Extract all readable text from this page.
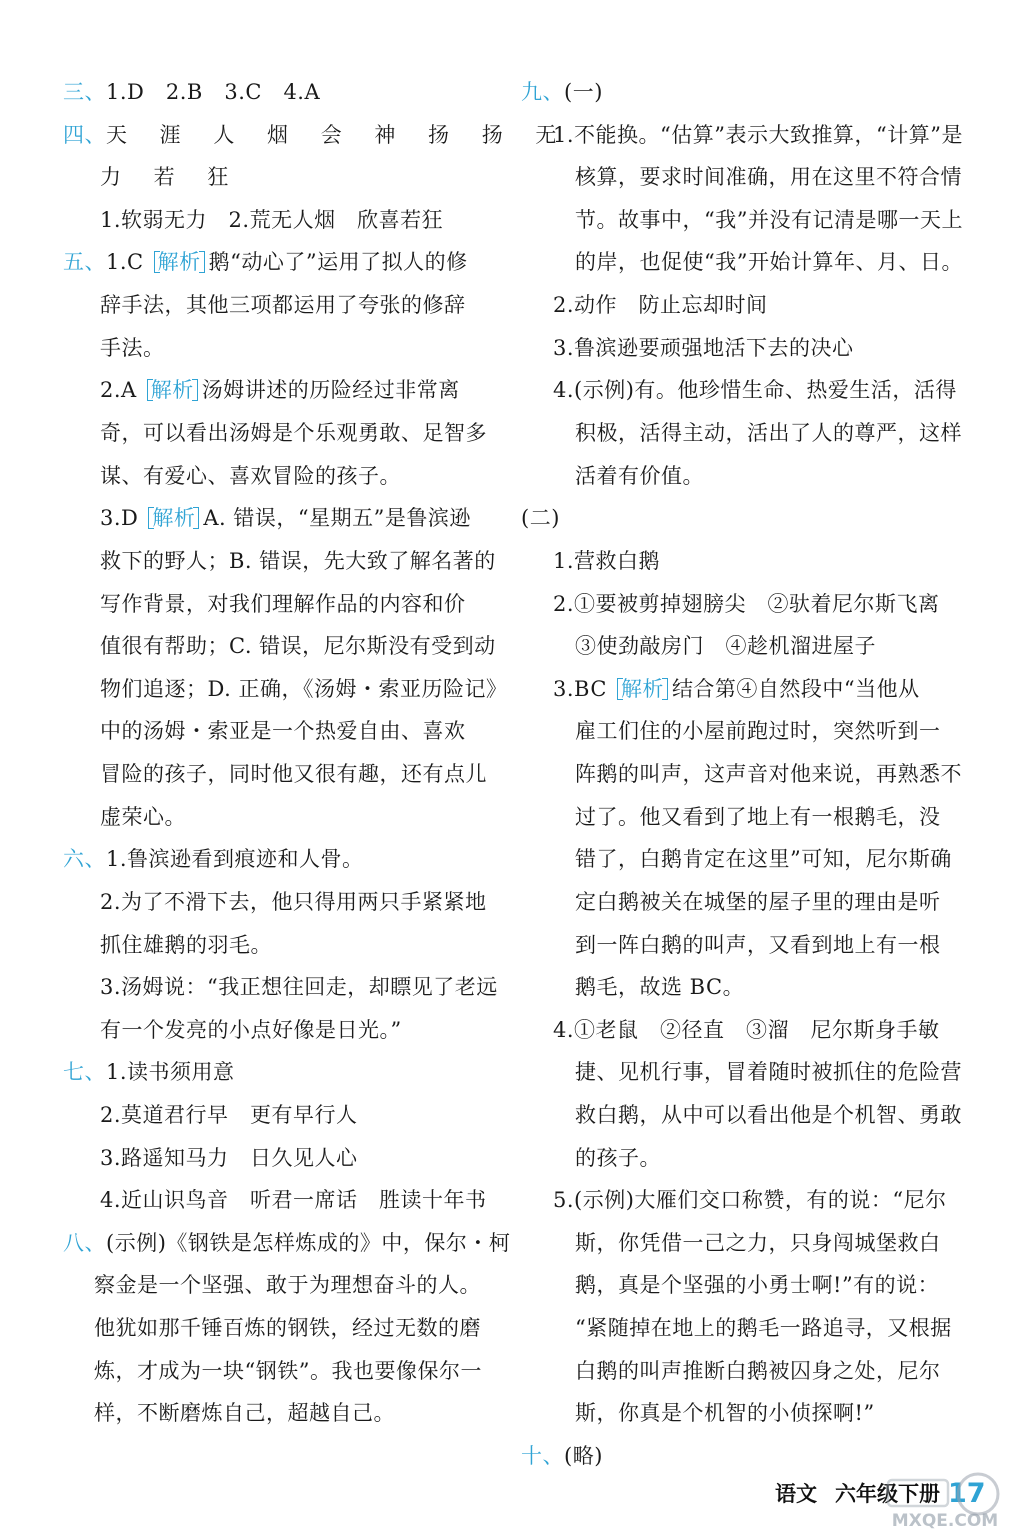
三、1.D　2.B　3.C　4.A
四、天 涯 人 烟 会 神 扬 扬 无
力 若 狂
1.软弱无力　2.荒无人烟　欣喜若狂
五、1.C 解析 鹅“动心了”运用了拟人的修
辞手法，其他三项都运用了夸张的修辞
手法。
2.A 解析 汤姆讲述的历险经过非常离
奇，可以看出汤姆是个乐观勇敢、足智多
谋、有爱心、喜欢冒险的孩子。
3.D 解析 A. 错误，“星期五”是鲁滨逊
救下的野人；B. 错误，先大致了解名著的
写作背景，对我们理解作品的内容和价
值很有帮助；C. 错误，尼尔斯没有受到动
物们追逐；D. 正确，《汤姆・索亚历险记》
中的汤姆・索亚是一个热爱自由、喜欢
冒险的孩子，同时他又很有趣，还有点儿
虚荣心。
六、1.鲁滨逊看到痕迹和人骨。
2.为了不滑下去，他只得用两只手紧紧地
抓住雄鹅的羽毛。
3.汤姆说：“我正想往回走，却瞟见了老远
有一个发亮的小点好像是日光。”
七、1.读书须用意
2.莫道君行早　更有早行人
3.路遥知马力　日久见人心
4.近山识鸟音　听君一席话　胜读十年书
八、(示例)《钢铁是怎样炼成的》中，保尔・柯
察金是一个坚强、敢于为理想奋斗的人。
他犹如那千锤百炼的钢铁，经过无数的磨
炼，才成为一块“钢铁”。我也要像保尔一
样，不断磨炼自己，超越自己。
九、(一)
1.不能换。“估算”表示大致推算，“计算”是
核算，要求时间准确，用在这里不符合情
节。故事中，“我”并没有记清是哪一天上
的岸，也促使“我”开始计算年、月、日。
2.动作　防止忘却时间
3.鲁滨逊要顽强地活下去的决心
4.(示例)有。他珍惜生命、热爱生活，活得
积极，活得主动，活出了人的尊严，这样
活着有价值。
(二)
1.营救白鹅
2.①要被剪掉翅膀尖　②驮着尼尔斯飞离
③使劲敲房门　④趁机溜进屋子
3.BC 解析 结合第④自然段中“当他从
雇工们住的小屋前跑过时，突然听到一
阵鹅的叫声，这声音对他来说，再熟悉不
过了。他又看到了地上有一根鹅毛，没
错了，白鹅肯定在这里”可知，尼尔斯确
定白鹅被关在城堡的屋子里的理由是听
到一阵白鹅的叫声，又看到地上有一根
鹅毛，故选 BC。
4.①老鼠　②径直　③溜　尼尔斯身手敏
捷、见机行事，冒着随时被抓住的危险营
救白鹅，从中可以看出他是个机智、勇敢
的孩子。
5.(示例)大雁们交口称赞，有的说：“尼尔
斯，你凭借一己之力，只身闯城堡救白
鹅，真是个坚强的小勇士啊!”有的说：
“紧随掉在地上的鹅毛一路追寻，又根据
白鹅的叫声推断白鹅被囚身之处，尼尔
斯，你真是个机智的小侦探啊!”
十、(略)
语文 六年级下册 17
MXQE.COM
